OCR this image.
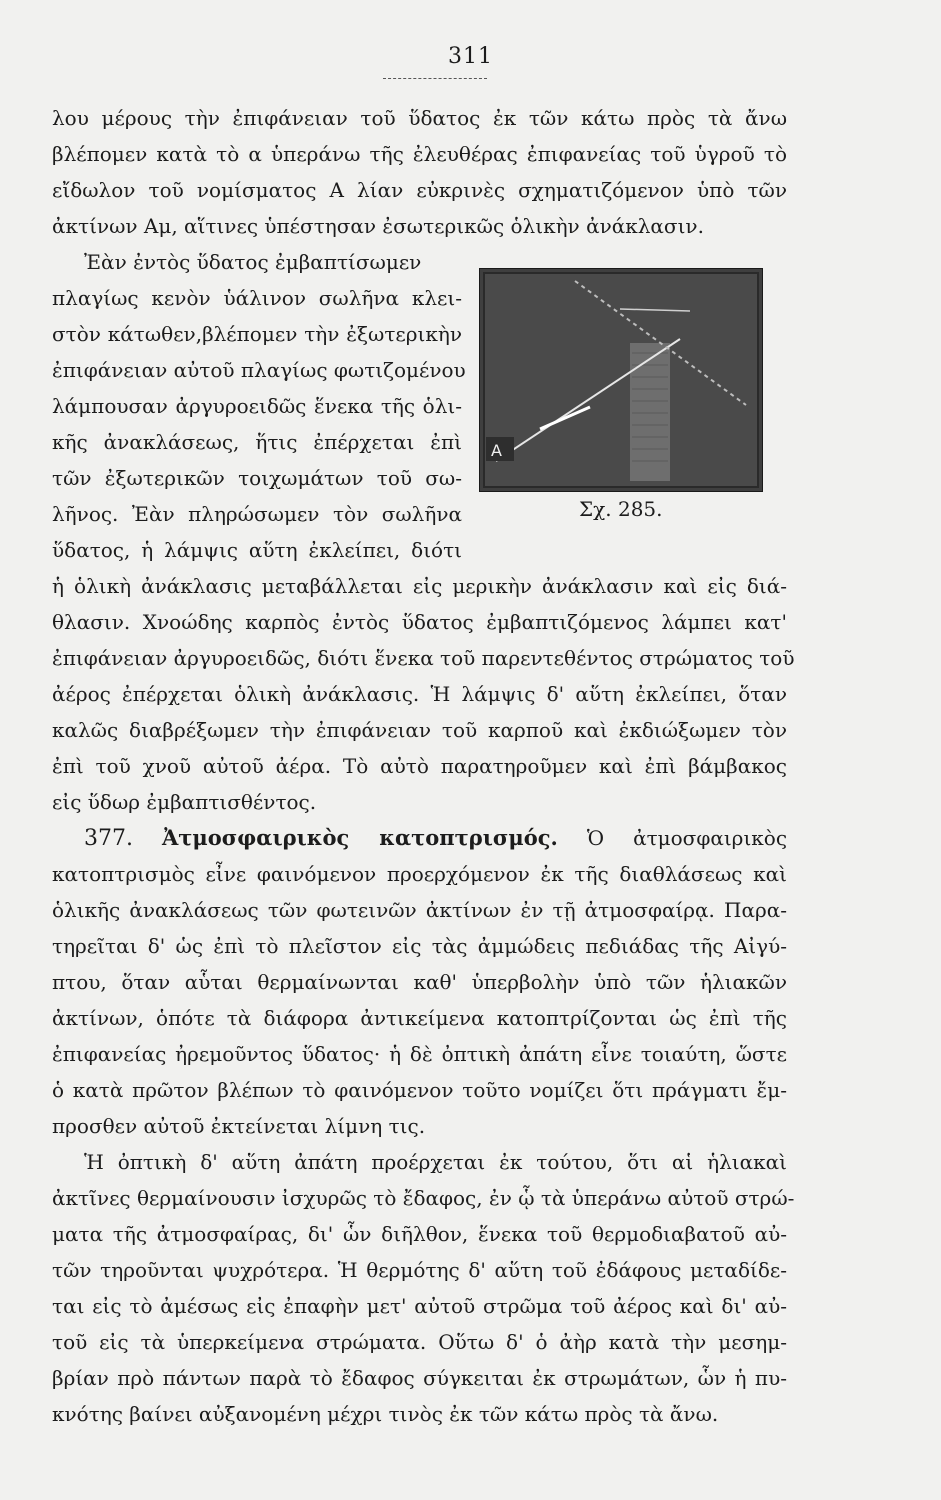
311
λου μέρους τὴν ἐπιφάνειαν τοῦ ὕδατος ἐκ τῶν κάτω πρὸς τὰ ἄνω
βλέπομεν κατὰ τὸ α ὑπεράνω τῆς ἐλευθέρας ἐπιφανείας τοῦ ὑγροῦ τὸ
εἴδωλον τοῦ νομίσματος Α λίαν εὐκρινὲς σχηματιζόμενον ὑπὸ τῶν
ἀκτίνων Αμ, αἵτινες ὑπέστησαν ἐσωτερικῶς ὁλικὴν ἀνάκλασιν.
Ἐὰν ἐντὸς ὕδατος ἐμβαπτίσωμεν
πλαγίως κενὸν ὑάλινον σωλῆνα κλει-
στὸν κάτωθεν,βλέπομεν τὴν ἐξωτερικὴν
ἐπιφάνειαν αὐτοῦ πλαγίως φωτιζομένου
λάμπουσαν ἀργυροειδῶς ἕνεκα τῆς ὁλι-
κῆς ἀνακλάσεως, ἥτις ἐπέρχεται ἐπὶ
τῶν ἐξωτερικῶν τοιχωμάτων τοῦ σω-
λῆνος. Ἐὰν πληρώσωμεν τὸν σωλῆνα
ὕδατος, ἡ λάμψις αὕτη ἐκλείπει, διότι
A
Σχ. 285.
ἡ ὁλικὴ ἀνάκλασις μεταβάλλεται εἰς μερικὴν ἀνάκλασιν καὶ εἰς διά-
θλασιν. Χνοώδης καρπὸς ἐντὸς ὕδατος ἐμβαπτιζόμενος λάμπει κατ'
ἐπιφάνειαν ἀργυροειδῶς, διότι ἕνεκα τοῦ παρεντεθέντος στρώματος τοῦ
ἀέρος ἐπέρχεται ὁλικὴ ἀνάκλασις. Ἡ λάμψις δ' αὕτη ἐκλείπει, ὅταν
καλῶς διαβρέξωμεν τὴν ἐπιφάνειαν τοῦ καρποῦ καὶ ἐκδιώξωμεν τὸν
ἐπὶ τοῦ χνοῦ αὐτοῦ ἀέρα. Τὸ αὐτὸ παρατηροῦμεν καὶ ἐπὶ βάμβακος
εἰς ὕδωρ ἐμβαπτισθέντος.
377. Ἀτμοσφαιρικὸς κατοπτρισμός. Ὁ ἀτμοσφαιρικὸς
κατοπτρισμὸς εἶνε φαινόμενον προερχόμενον ἐκ τῆς διαθλάσεως καὶ
ὁλικῆς ἀνακλάσεως τῶν φωτεινῶν ἀκτίνων ἐν τῇ ἀτμοσφαίρᾳ. Παρα-
τηρεῖται δ' ὡς ἐπὶ τὸ πλεῖστον εἰς τὰς ἀμμώδεις πεδιάδας τῆς Αἰγύ-
πτου, ὅταν αὗται θερμαίνωνται καθ' ὑπερβολὴν ὑπὸ τῶν ἡλιακῶν
ἀκτίνων, ὁπότε τὰ διάφορα ἀντικείμενα κατοπτρίζονται ὡς ἐπὶ τῆς
ἐπιφανείας ἠρεμοῦντος ὕδατος· ἡ δὲ ὀπτικὴ ἀπάτη εἶνε τοιαύτη, ὥστε
ὁ κατὰ πρῶτον βλέπων τὸ φαινόμενον τοῦτο νομίζει ὅτι πράγματι ἔμ-
προσθεν αὐτοῦ ἐκτείνεται λίμνη τις.
Ἡ ὀπτικὴ δ' αὕτη ἀπάτη προέρχεται ἐκ τούτου, ὅτι αἱ ἡλιακαὶ
ἀκτῖνες θερμαίνουσιν ἰσχυρῶς τὸ ἔδαφος, ἐν ᾧ τὰ ὑπεράνω αὐτοῦ στρώ-
ματα τῆς ἀτμοσφαίρας, δι' ὧν διῆλθον, ἕνεκα τοῦ θερμοδιαβατοῦ αὐ-
τῶν τηροῦνται ψυχρότερα. Ἡ θερμότης δ' αὕτη τοῦ ἐδάφους μεταδίδε-
ται εἰς τὸ ἀμέσως εἰς ἐπαφὴν μετ' αὐτοῦ στρῶμα τοῦ ἀέρος καὶ δι' αὐ-
τοῦ εἰς τὰ ὑπερκείμενα στρώματα. Οὕτω δ' ὁ ἀὴρ κατὰ τὴν μεσημ-
βρίαν πρὸ πάντων παρὰ τὸ ἔδαφος σύγκειται ἐκ στρωμάτων, ὧν ἡ πυ-
κνότης βαίνει αὐξανομένη μέχρι τινὸς ἐκ τῶν κάτω πρὸς τὰ ἄνω.
